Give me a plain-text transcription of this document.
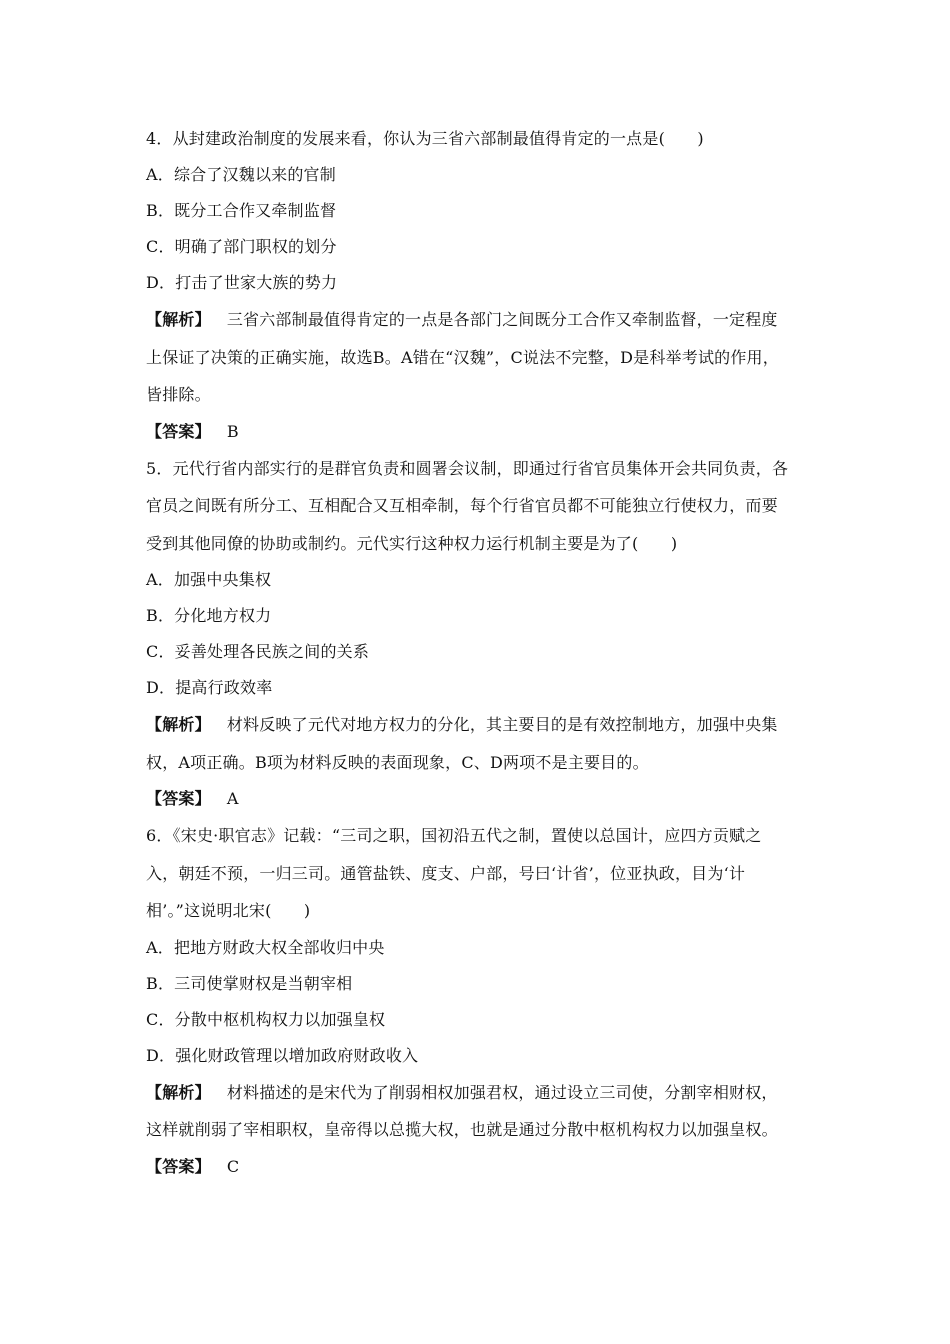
4．从封建政治制度的发展来看，你认为三省六部制最值得肯定的一点是(　　)
A．综合了汉魏以来的官制
B．既分工合作又牵制监督
C．明确了部门职权的划分
D．打击了世家大族的势力
【解析】 三省六部制最值得肯定的一点是各部门之间既分工合作又牵制监督，一定程度
上保证了决策的正确实施，故选B。A错在“汉魏”，C说法不完整，D是科举考试的作用，
皆排除。
【答案】 B
5．元代行省内部实行的是群官负责和圆署会议制，即通过行省官员集体开会共同负责，各
官员之间既有所分工、互相配合又互相牵制，每个行省官员都不可能独立行使权力，而要
受到其他同僚的协助或制约。元代实行这种权力运行机制主要是为了(　　)
A．加强中央集权
B．分化地方权力
C．妥善处理各民族之间的关系
D．提高行政效率
【解析】 材料反映了元代对地方权力的分化，其主要目的是有效控制地方，加强中央集
权，A项正确。B项为材料反映的表面现象，C、D两项不是主要目的。
【答案】 A
6．《宋史·职官志》记载：“三司之职，国初沿五代之制，置使以总国计，应四方贡赋之
入，朝廷不预，一归三司。通管盐铁、度支、户部，号曰‘计省’，位亚执政，目为‘计
相’。”这说明北宋(　　)
A．把地方财政大权全部收归中央
B．三司使掌财权是当朝宰相
C．分散中枢机构权力以加强皇权
D．强化财政管理以增加政府财政收入
【解析】 材料描述的是宋代为了削弱相权加强君权，通过设立三司使，分割宰相财权，
这样就削弱了宰相职权，皇帝得以总揽大权，也就是通过分散中枢机构权力以加强皇权。
【答案】 C
